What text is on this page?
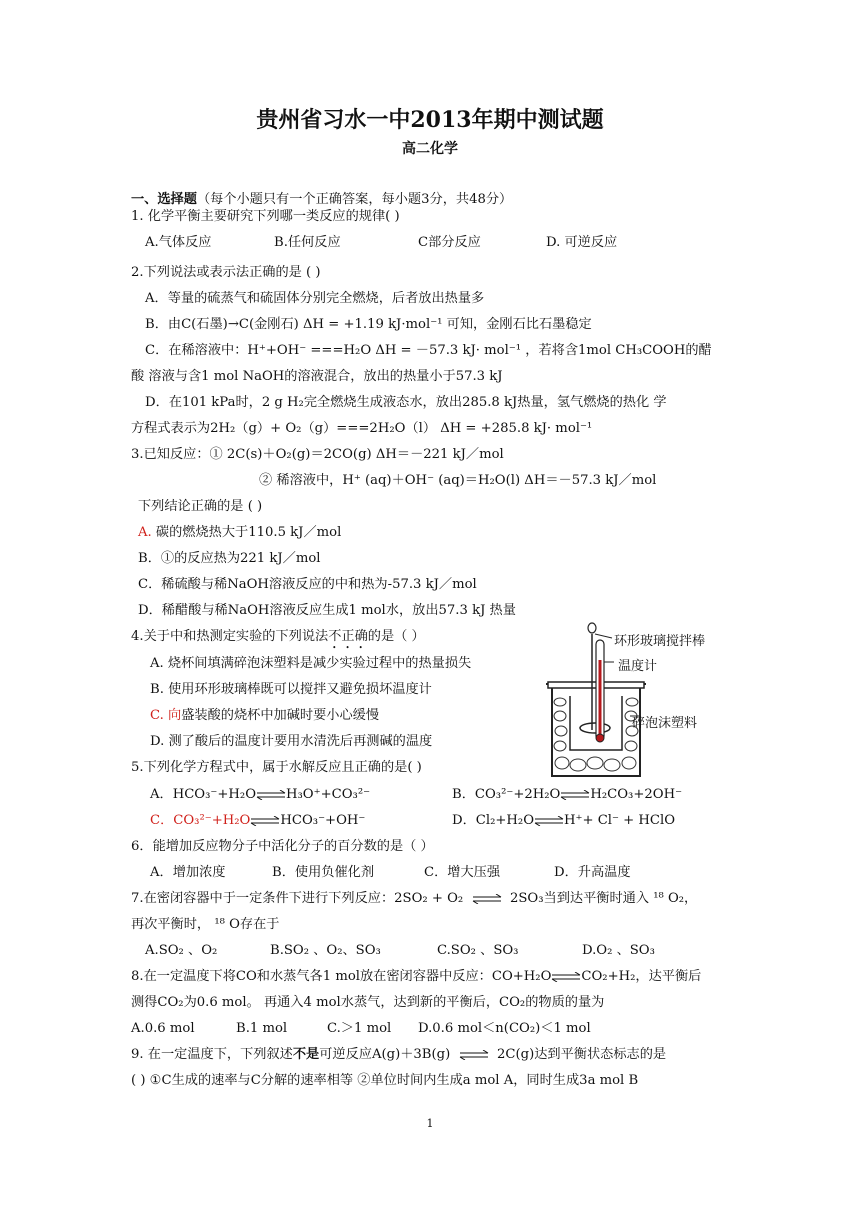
贵州省习水一中2013年期中测试题
高二化学
一、选择题（每个小题只有一个正确答案，每小题3分，共48分）
1. 化学平衡主要研究下列哪一类反应的规律( )
A.气体反应	B.任何反应	C部分反应	D. 可逆反应
2.下列说法或表示法正确的是 ( )
A．等量的硫蒸气和硫固体分别完全燃烧，后者放出热量多
B．由C(石墨)→C(金刚石) ΔH = +1.19 kJ·mol⁻¹ 可知，金刚石比石墨稳定
C．在稀溶液中：H⁺+OH⁻ ===H₂O ΔH = －57.3 kJ· mol⁻¹ ，若将含1mol CH₃COOH的醋
酸 溶液与含1 mol NaOH的溶液混合，放出的热量小于57.3 kJ
D．在101 kPa时，2 g H₂完全燃烧生成液态水，放出285.8 kJ热量，氢气燃烧的热化 学
方程式表示为2H₂（g）+ O₂（g）===2H₂O（l） ΔH = +285.8 kJ· mol⁻¹
3.已知反应：① 2C(s)＋O₂(g)＝2CO(g) ΔH＝－221 kJ／mol
② 稀溶液中，H⁺ (aq)＋OH⁻ (aq)＝H₂O(l) ΔH＝－57.3 kJ／mol
下列结论正确的是 ( )
A. 碳的燃烧热大于110.5 kJ／mol
B．①的反应热为221 kJ／mol
C．稀硫酸与稀NaOH溶液反应的中和热为-57.3 kJ／mol
D．稀醋酸与稀NaOH溶液反应生成1 mol水，放出57.3 kJ 热量
4.关于中和热测定实验的下列说法不正确的是（ ）
A. 烧杯间填满碎泡沫塑料是减少实验过程中的热量损失
B. 使用环形玻璃棒既可以搅拌又避免损坏温度计
C. 向盛装酸的烧杯中加碱时要小心缓慢
D. 测了酸后的温度计要用水清洗后再测碱的温度
环形玻璃搅拌棒
温度计
碎泡沫塑料
5.下列化学方程式中，属于水解反应且正确的是( )
A．HCO₃⁻+H₂O⇌H₃O⁺+CO₃²⁻	B．CO₃²⁻+2H₂O⇌H₂CO₃+2OH⁻
C．CO₃²⁻+H₂O⇌HCO₃⁻+OH⁻	D．Cl₂+H₂O⇌H⁺+ Cl⁻ + HClO
6．能增加反应物分子中活化分子的百分数的是（ ）
A．增加浓度	B．使用负催化剂	C．增大压强	D．升高温度
7.在密闭容器中于一定条件下进行下列反应：2SO₂ + O₂ ⇌ 2SO₃当到达平衡时通入 ¹⁸ O₂，
再次平衡时， ¹⁸ O存在于
A.SO₂ 、O₂	B.SO₂ 、O₂、SO₃	C.SO₂ 、SO₃	D.O₂ 、SO₃
8.在一定温度下将CO和水蒸气各1 mol放在密闭容器中反应：CO+H₂O⇌CO₂+H₂，达平衡后
测得CO₂为0.6 mol。 再通入4 mol水蒸气，达到新的平衡后，CO₂的物质的量为
A.0.6 mol	B.1 mol	C.＞1 mol D.0.6 mol＜n(CO₂)＜1 mol
9. 在一定温度下，下列叙述不是可逆反应A(g)＋3B(g) ⇌ 2C(g)达到平衡状态标志的是
( ) ①C生成的速率与C分解的速率相等 ②单位时间内生成a mol A，同时生成3a mol B
1
